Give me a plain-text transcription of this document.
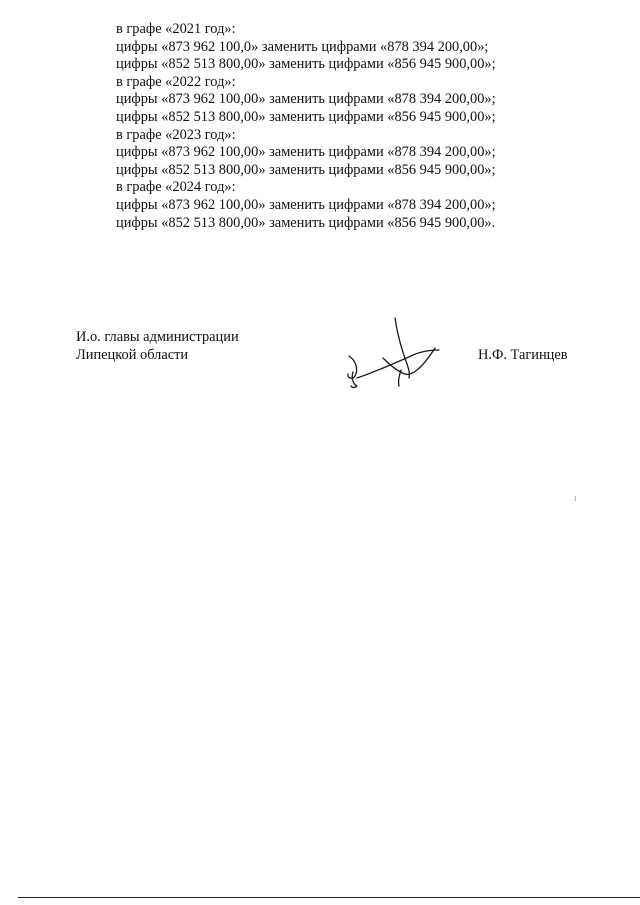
в графе «2021 год»:
цифры «873 962 100,0» заменить цифрами «878 394 200,00»;
цифры «852 513 800,00» заменить цифрами «856 945 900,00»;
в графе «2022 год»:
цифры «873 962 100,00» заменить цифрами «878 394 200,00»;
цифры «852 513 800,00» заменить цифрами «856 945 900,00»;
в графе «2023 год»:
цифры «873 962 100,00» заменить цифрами «878 394 200,00»;
цифры «852 513 800,00» заменить цифрами «856 945 900,00»;
в графе «2024 год»:
цифры «873 962 100,00» заменить цифрами «878 394 200,00»;
цифры «852 513 800,00» заменить цифрами «856 945 900,00».
И.о. главы администрации
Липецкой области	Н.Ф. Тагинцев
